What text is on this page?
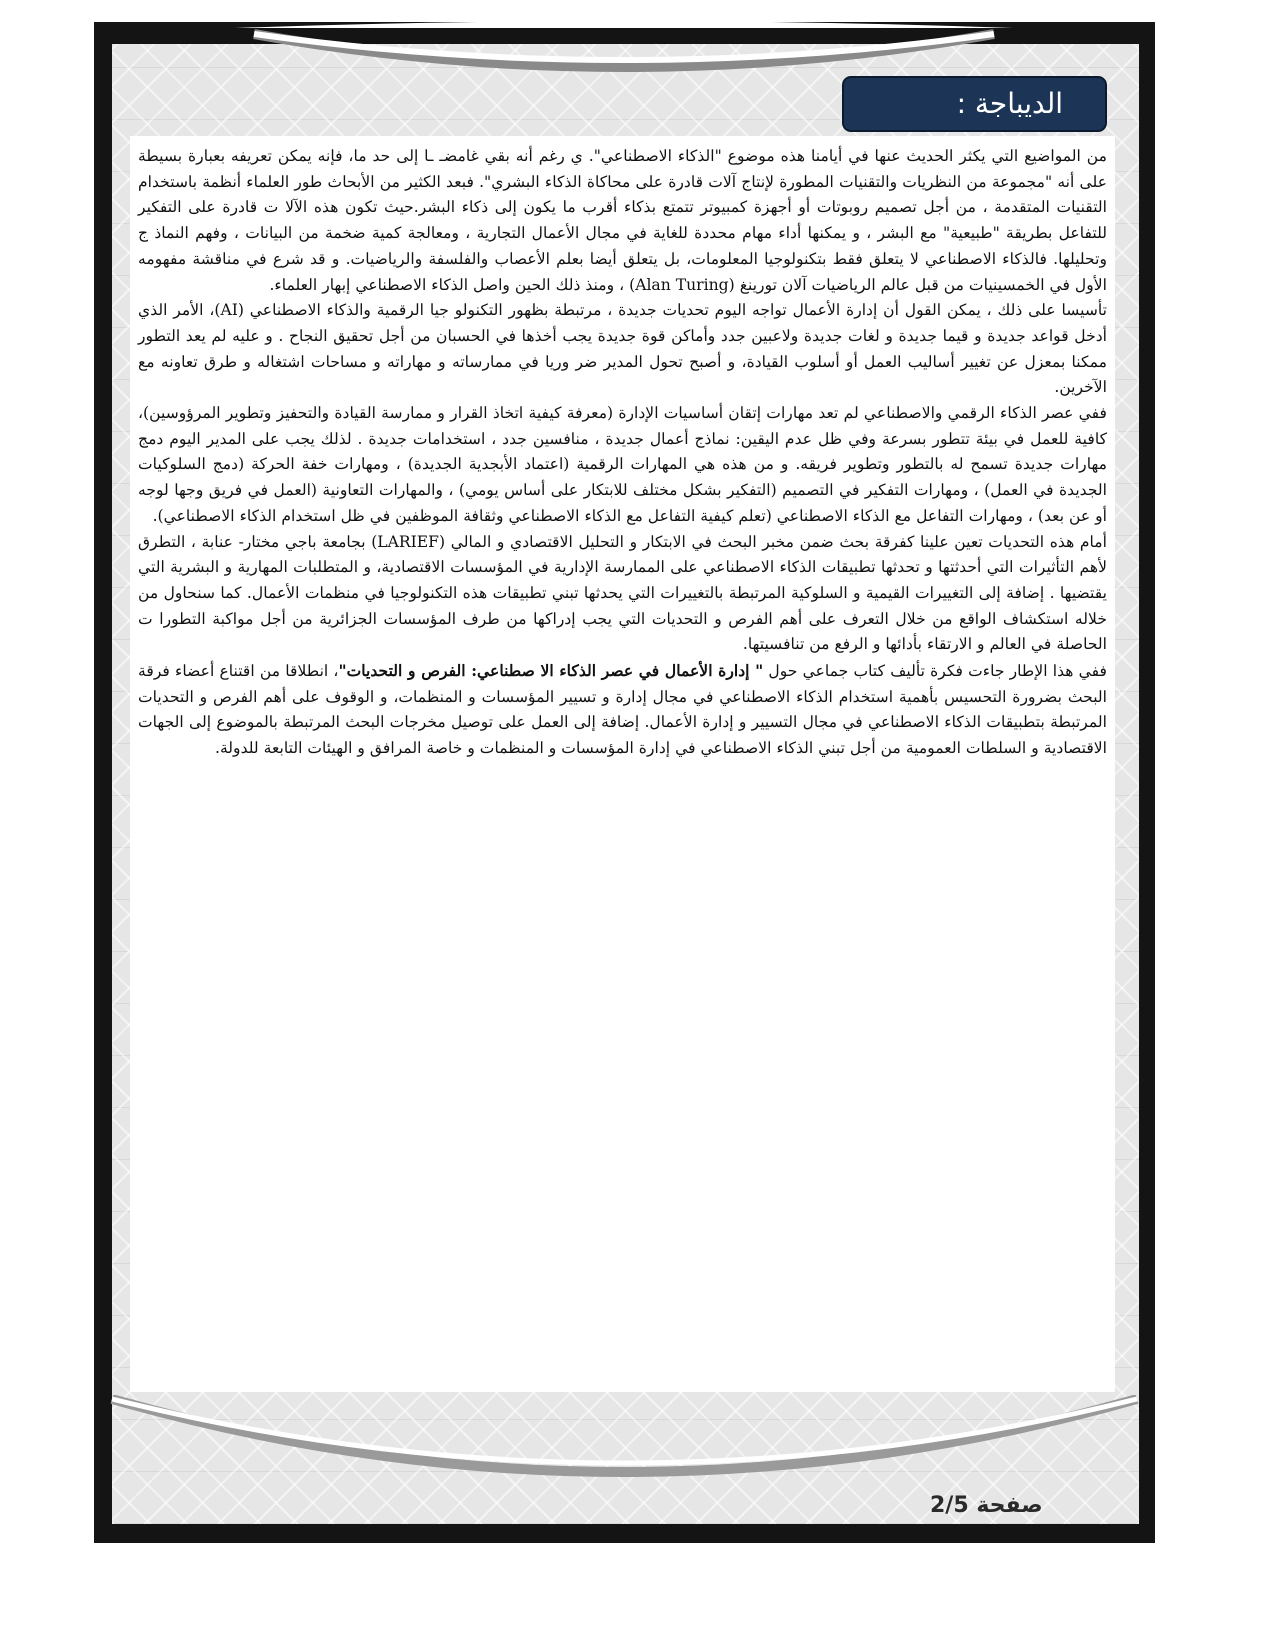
الديباجة :

من المواضيع التي يكثر الحديث عنها في أيامنا هذه موضوع "الذكاء الاصطناعي". ي رغم أنه بقي غامضـ ـا إلى حد ما، فإنه يمكن تعريفه بعبارة بسيطة على أنه "مجموعة من النظريات والتقنيات المطورة لإنتاج آلات قادرة على محاكاة الذكاء البشري". فبعد الكثير من الأبحاث طور العلماء أنظمة باستخدام التقنيات المتقدمة ، من أجل تصميم روبوتات أو أجهزة كمبيوتر تتمتع بذكاء أقرب ما يكون إلى ذكاء البشر.حيث تكون هذه الآلا ت قادرة على التفكير للتفاعل بطريقة "طبيعية" مع البشر ، و يمكنها أداء مهام محددة للغاية في مجال الأعمال التجارية ، ومعالجة كمية ضخمة من البيانات ، وفهم النماذ ج وتحليلها. فالذكاء الاصطناعي لا يتعلق فقط بتكنولوجيا المعلومات، بل يتعلق أيضا بعلم الأعصاب والفلسفة والرياضيات. و قد شرع في مناقشة مفهومه الأول في الخمسينيات من قبل عالم الرياضيات آلان تورينغ (Alan Turing) ، ومنذ ذلك الحين واصل الذكاء الاصطناعي إبهار العلماء.

تأسيسا على ذلك ، يمكن القول أن إدارة الأعمال تواجه اليوم تحديات جديدة ، مرتبطة بظهور التكنولو جيا الرقمية والذكاء الاصطناعي (AI)، الأمر الذي أدخل قواعد جديدة و قيما جديدة و لغات جديدة ولاعبين جدد وأماكن قوة جديدة يجب أخذها في الحسبان من أجل تحقيق النجاح . و عليه لم يعد التطور ممكنا بمعزل عن تغيير أساليب العمل أو أسلوب القيادة، و أصبح تحول المدير ضر وريا في ممارساته و مهاراته و مساحات اشتغاله و طرق تعاونه مع الآخرين.

ففي عصر الذكاء الرقمي والاصطناعي لم تعد مهارات إتقان أساسيات الإدارة (معرفة كيفية اتخاذ القرار و ممارسة القيادة والتحفيز وتطوير المرؤوسين)، كافية للعمل في بيئة تتطور بسرعة وفي ظل عدم اليقين: نماذج أعمال جديدة ، منافسين جدد ، استخدامات جديدة . لذلك يجب على المدير اليوم دمج مهارات جديدة تسمح له بالتطور وتطوير فريقه. و من هذه هي المهارات الرقمية (اعتماد الأبجدية الجديدة) ، ومهارات خفة الحركة (دمج السلوكيات الجديدة في العمل) ، ومهارات التفكير في التصميم (التفكير بشكل مختلف للابتكار على أساس يومي) ، والمهارات التعاونية (العمل في فريق وجها لوجه أو عن بعد) ، ومهارات التفاعل مع الذكاء الاصطناعي (تعلم كيفية التفاعل مع الذكاء الاصطناعي وثقافة الموظفين في ظل استخدام الذكاء الاصطناعي).

أمام هذه التحديات تعين علينا كفرقة بحث ضمن مخبر البحث في الابتكار و التحليل الاقتصادي و المالي (LARIEF) بجامعة باجي مختار- عنابة ، التطرق لأهم التأثيرات التي أحدثتها و تحدثها تطبيقات الذكاء الاصطناعي على الممارسة الإدارية في المؤسسات الاقتصادية، و المتطلبات المهارية و البشرية التي يقتضيها . إضافة إلى التغييرات القيمية و السلوكية المرتبطة بالتغييرات التي يحدثها تبني تطبيقات هذه التكنولوجيا في منظمات الأعمال. كما سنحاول من خلاله استكشاف الواقع من خلال التعرف على أهم الفرص و التحديات التي يجب إدراكها من طرف المؤسسات الجزائرية من أجل مواكبة التطورا ت الحاصلة في العالم و الارتقاء بأدائها و الرفع من تنافسيتها.

ففي هذا الإطار جاءت فكرة تأليف كتاب جماعي حول " إدارة الأعمال في عصر الذكاء الا صطناعي: الفرص و التحديات"، انطلاقا من اقتناع أعضاء فرقة البحث بضرورة التحسيس بأهمية استخدام الذكاء الاصطناعي في مجال إدارة و تسيير المؤسسات و المنظمات، و الوقوف على أهم الفرص و التحديات المرتبطة بتطبيقات الذكاء الاصطناعي في مجال التسيير و إدارة الأعمال. إضافة إلى العمل على توصيل مخرجات البحث المرتبطة بالموضوع إلى الجهات الاقتصادية و السلطات العمومية من أجل تبني الذكاء الاصطناعي في إدارة المؤسسات و المنظمات و خاصة المرافق و الهيئات التابعة للدولة.

2/5 صفحة
